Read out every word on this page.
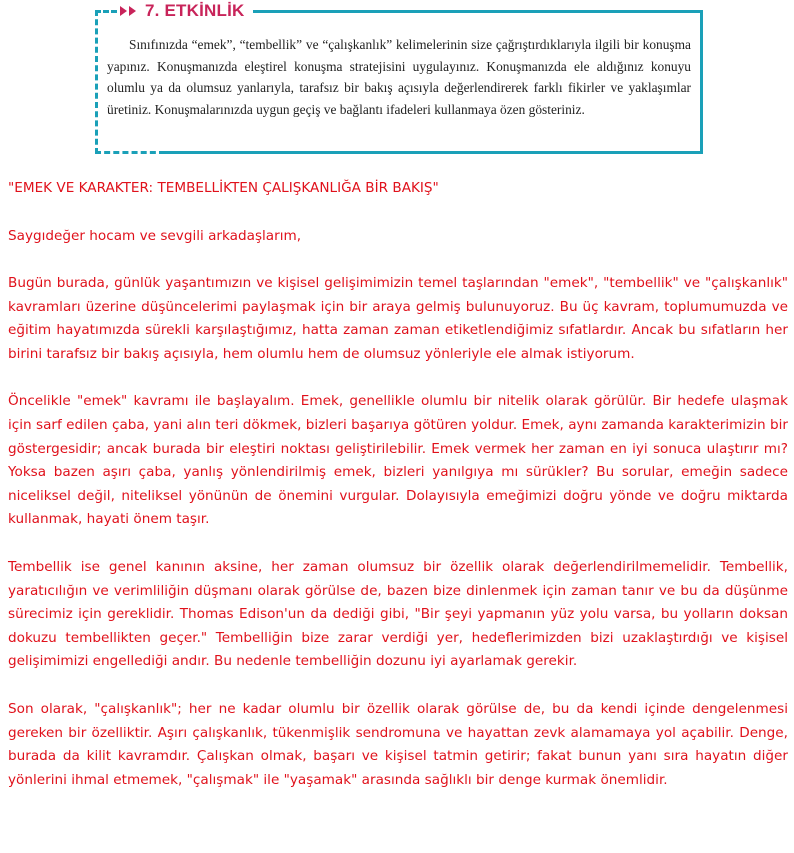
7. ETKİNLİK

Sınıfınızda “emek”, “tembellik” ve “çalışkanlık” kelimelerinin size çağrıştırdıklarıyla ilgili bir konuşma yapınız. Konuşmanızda eleştirel konuşma stratejisini uygulayınız. Konuşmanızda ele aldığınız konuyu olumlu ya da olumsuz yanlarıyla, tarafsız bir bakış açısıyla değerlendirerek farklı fikirler ve yaklaşımlar üretiniz. Konuşmalarınızda uygun geçiş ve bağlantı ifadeleri kullanmaya özen gösteriniz.

"EMEK VE KARAKTER: TEMBELLİKTEN ÇALIŞKANLIĞA BİR BAKIŞ"

Saygıdeğer hocam ve sevgili arkadaşlarım,

Bugün burada, günlük yaşantımızın ve kişisel gelişimimizin temel taşlarından "emek", "tembellik" ve "çalışkanlık" kavramları üzerine düşüncelerimi paylaşmak için bir araya gelmiş bulunuyoruz. Bu üç kavram, toplumumuzda ve eğitim hayatımızda sürekli karşılaştığımız, hatta zaman zaman etiketlendiğimiz sıfatlardır. Ancak bu sıfatların her birini tarafsız bir bakış açısıyla, hem olumlu hem de olumsuz yönleriyle ele almak istiyorum.

Öncelikle "emek" kavramı ile başlayalım. Emek, genellikle olumlu bir nitelik olarak görülür. Bir hedefe ulaşmak için sarf edilen çaba, yani alın teri dökmek, bizleri başarıya götüren yoldur. Emek, aynı zamanda karakterimizin bir göstergesidir; ancak burada bir eleştiri noktası geliştirilebilir. Emek vermek her zaman en iyi sonuca ulaştırır mı? Yoksa bazen aşırı çaba, yanlış yönlendirilmiş emek, bizleri yanılgıya mı sürükler? Bu sorular, emeğin sadece niceliksel değil, niteliksel yönünün de önemini vurgular. Dolayısıyla emeğimizi doğru yönde ve doğru miktarda kullanmak, hayati önem taşır.

Tembellik ise genel kanının aksine, her zaman olumsuz bir özellik olarak değerlendirilmemelidir. Tembellik, yaratıcılığın ve verimliliğin düşmanı olarak görülse de, bazen bize dinlenmek için zaman tanır ve bu da düşünme sürecimiz için gereklidir. Thomas Edison'un da dediği gibi, "Bir şeyi yapmanın yüz yolu varsa, bu yolların doksan dokuzu tembellikten geçer." Tembelliğin bize zarar verdiği yer, hedeflerimizden bizi uzaklaştırdığı ve kişisel gelişimimizi engellediği andır. Bu nedenle tembelliğin dozunu iyi ayarlamak gerekir.

Son olarak, "çalışkanlık"; her ne kadar olumlu bir özellik olarak görülse de, bu da kendi içinde dengelenmesi gereken bir özelliktir. Aşırı çalışkanlık, tükenmişlik sendromuna ve hayattan zevk alamamaya yol açabilir. Denge, burada da kilit kavramdır. Çalışkan olmak, başarı ve kişisel tatmin getirir; fakat bunun yanı sıra hayatın diğer yönlerini ihmal etmemek, "çalışmak" ile "yaşamak" arasında sağlıklı bir denge kurmak önemlidir.
